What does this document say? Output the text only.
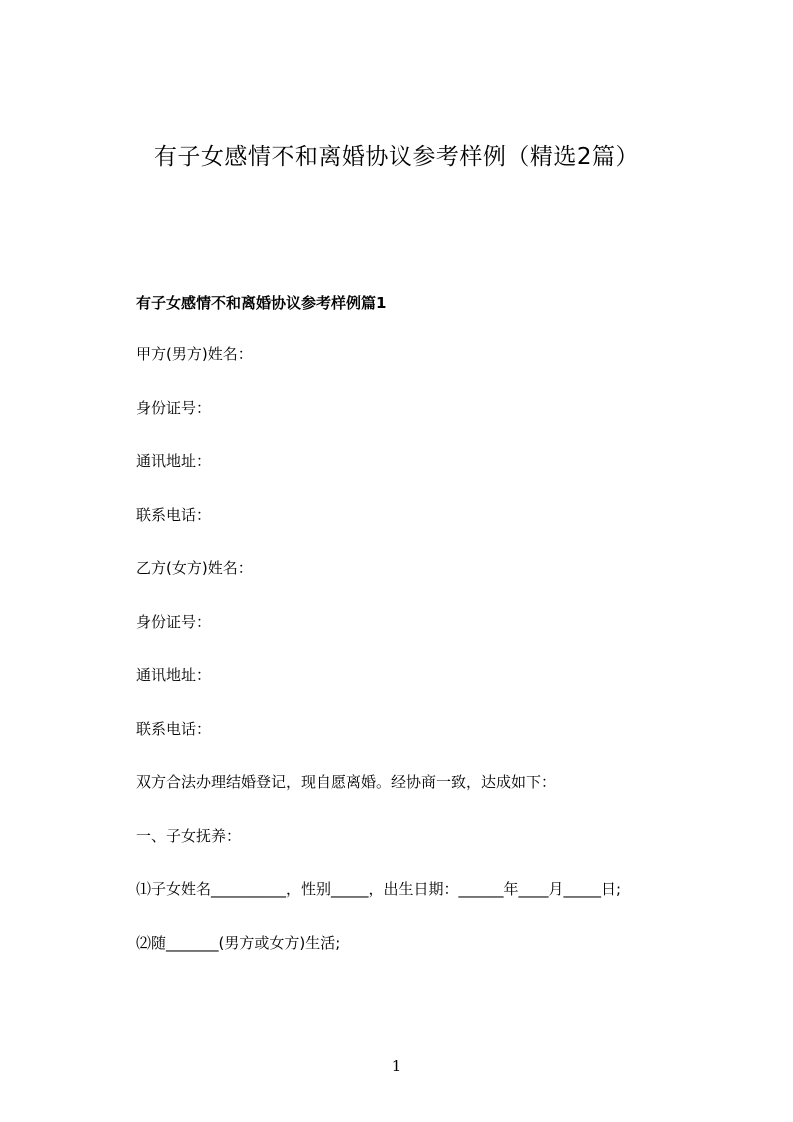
有子女感情不和离婚协议参考样例（精选2篇）
有子女感情不和离婚协议参考样例篇1
甲方(男方)姓名：
身份证号：
通讯地址：
联系电话：
乙方(女方)姓名：
身份证号：
通讯地址：
联系电话：
双方合法办理结婚登记，现自愿离婚。经协商一致，达成如下：
一、子女抚养：
⑴子女姓名__________，性别_____，出生日期：______年____月_____日;
⑵随_______(男方或女方)生活;
1
